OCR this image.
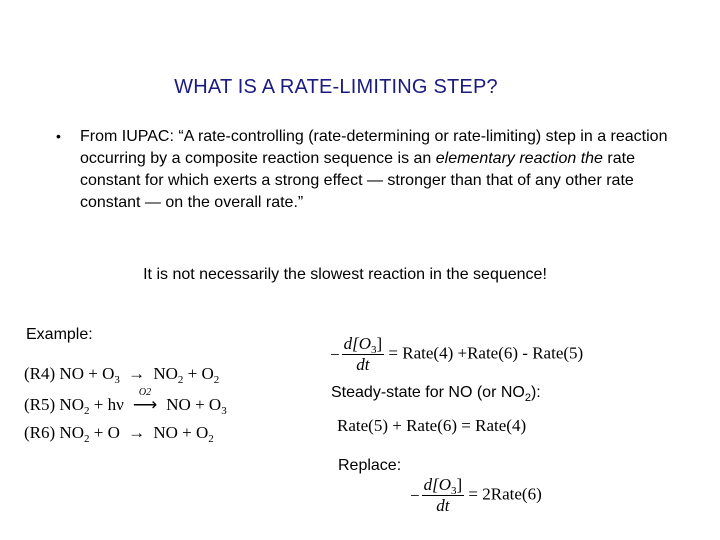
WHAT IS A RATE-LIMITING STEP?
• From IUPAC: “A rate-controlling (rate-determining or rate-limiting) step in a reaction occurring by a composite reaction sequence is an elementary reaction the rate constant for which exerts a strong effect — stronger than that of any other rate constant — on the overall rate.”
It is not necessarily the slowest reaction in the sequence!
Example:
(R4) NO + $O_3 \to NO_2 + O_2$
(R5) $NO_2 + h\nu$
O2
⟶ NO + $O_3$
(R6) $NO_2 + O$ → NO + $O_2$
− $\frac{d[O_3]}{dt}$ = Rate(4) +Rate(6) - Rate(5)
Steady-state for NO (or $NO_2$):
Rate(5) + Rate(6) = Rate(4)
Replace:
− $\frac{d[O_3]}{dt}$ = 2Rate(6)
